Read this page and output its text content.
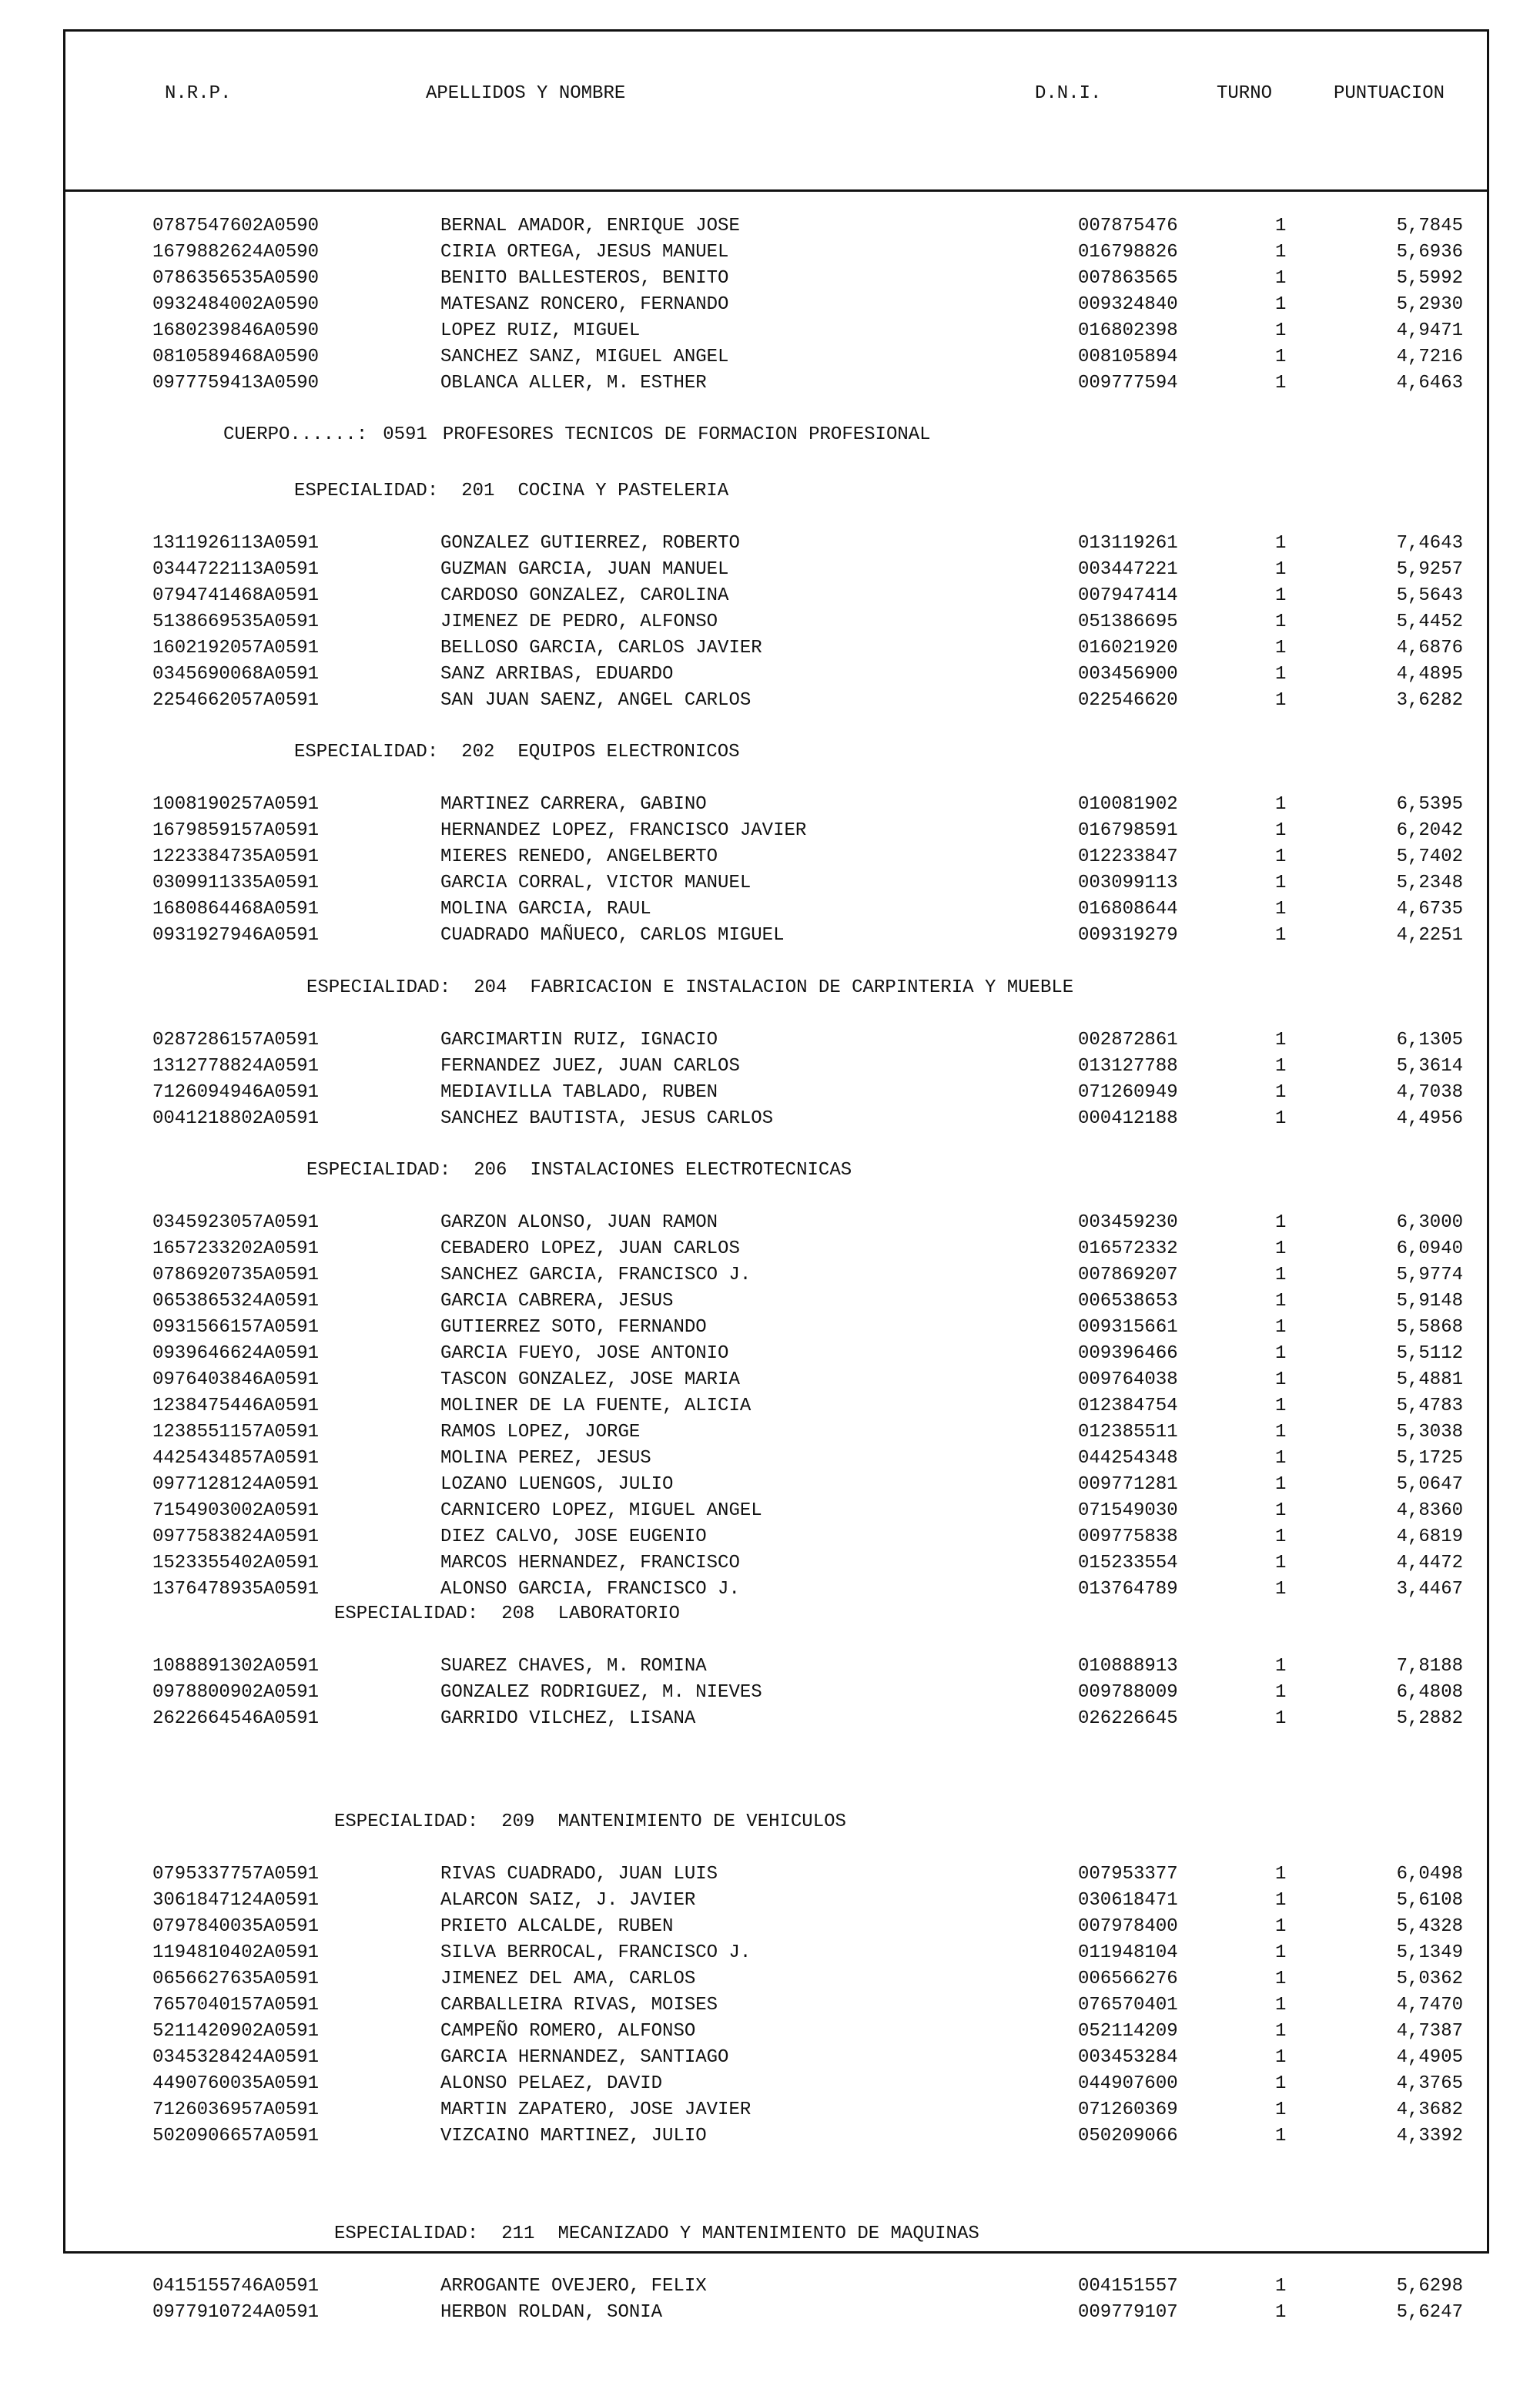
N.R.P.	APELLIDOS Y NOMBRE	D.N.I.	TURNO	PUNTUACION
0787547602A0590	BERNAL AMADOR, ENRIQUE JOSE	007875476	1	5,7845
1679882624A0590	CIRIA ORTEGA, JESUS MANUEL	016798826	1	5,6936
0786356535A0590	BENITO BALLESTEROS, BENITO	007863565	1	5,5992
0932484002A0590	MATESANZ RONCERO, FERNANDO	009324840	1	5,2930
1680239846A0590	LOPEZ RUIZ, MIGUEL	016802398	1	4,9471
0810589468A0590	SANCHEZ SANZ, MIGUEL ANGEL	008105894	1	4,7216
0977759413A0590	OBLANCA ALLER, M. ESTHER	009777594	1	4,6463
CUERPO......: 0591 PROFESORES TECNICOS DE FORMACION PROFESIONAL
ESPECIALIDAD: 201 COCINA Y PASTELERIA
1311926113A0591	GONZALEZ GUTIERREZ, ROBERTO	013119261	1	7,4643
0344722113A0591	GUZMAN GARCIA, JUAN MANUEL	003447221	1	5,9257
0794741468A0591	CARDOSO GONZALEZ, CAROLINA	007947414	1	5,5643
5138669535A0591	JIMENEZ DE PEDRO, ALFONSO	051386695	1	5,4452
1602192057A0591	BELLOSO GARCIA, CARLOS JAVIER	016021920	1	4,6876
0345690068A0591	SANZ ARRIBAS, EDUARDO	003456900	1	4,4895
2254662057A0591	SAN JUAN SAENZ, ANGEL CARLOS	022546620	1	3,6282
ESPECIALIDAD: 202 EQUIPOS ELECTRONICOS
1008190257A0591	MARTINEZ CARRERA, GABINO	010081902	1	6,5395
1679859157A0591	HERNANDEZ LOPEZ, FRANCISCO JAVIER	016798591	1	6,2042
1223384735A0591	MIERES RENEDO, ANGELBERTO	012233847	1	5,7402
0309911335A0591	GARCIA CORRAL, VICTOR MANUEL	003099113	1	5,2348
1680864468A0591	MOLINA GARCIA, RAUL	016808644	1	4,6735
0931927946A0591	CUADRADO MAÑUECO, CARLOS MIGUEL	009319279	1	4,2251
ESPECIALIDAD: 204 FABRICACION E INSTALACION DE CARPINTERIA Y MUEBLE
0287286157A0591	GARCIMARTIN RUIZ, IGNACIO	002872861	1	6,1305
1312778824A0591	FERNANDEZ JUEZ, JUAN CARLOS	013127788	1	5,3614
7126094946A0591	MEDIAVILLA TABLADO, RUBEN	071260949	1	4,7038
0041218802A0591	SANCHEZ BAUTISTA, JESUS CARLOS	000412188	1	4,4956
ESPECIALIDAD: 206 INSTALACIONES ELECTROTECNICAS
0345923057A0591	GARZON ALONSO, JUAN RAMON	003459230	1	6,3000
1657233202A0591	CEBADERO LOPEZ, JUAN CARLOS	016572332	1	6,0940
0786920735A0591	SANCHEZ GARCIA, FRANCISCO J.	007869207	1	5,9774
0653865324A0591	GARCIA CABRERA, JESUS	006538653	1	5,9148
0931566157A0591	GUTIERREZ SOTO, FERNANDO	009315661	1	5,5868
0939646624A0591	GARCIA FUEYO, JOSE ANTONIO	009396466	1	5,5112
0976403846A0591	TASCON GONZALEZ, JOSE MARIA	009764038	1	5,4881
1238475446A0591	MOLINER DE LA FUENTE, ALICIA	012384754	1	5,4783
1238551157A0591	RAMOS LOPEZ, JORGE	012385511	1	5,3038
4425434857A0591	MOLINA PEREZ, JESUS	044254348	1	5,1725
0977128124A0591	LOZANO LUENGOS, JULIO	009771281	1	5,0647
7154903002A0591	CARNICERO LOPEZ, MIGUEL ANGEL	071549030	1	4,8360
0977583824A0591	DIEZ CALVO, JOSE EUGENIO	009775838	1	4,6819
1523355402A0591	MARCOS HERNANDEZ, FRANCISCO	015233554	1	4,4472
1376478935A0591	ALONSO GARCIA, FRANCISCO J.	013764789	1	3,4467
ESPECIALIDAD: 208 LABORATORIO
1088891302A0591	SUAREZ CHAVES, M. ROMINA	010888913	1	7,8188
0978800902A0591	GONZALEZ RODRIGUEZ, M. NIEVES	009788009	1	6,4808
2622664546A0591	GARRIDO VILCHEZ, LISANA	026226645	1	5,2882
ESPECIALIDAD: 209 MANTENIMIENTO DE VEHICULOS
0795337757A0591	RIVAS CUADRADO, JUAN LUIS	007953377	1	6,0498
3061847124A0591	ALARCON SAIZ, J. JAVIER	030618471	1	5,6108
0797840035A0591	PRIETO ALCALDE, RUBEN	007978400	1	5,4328
1194810402A0591	SILVA BERROCAL, FRANCISCO J.	011948104	1	5,1349
0656627635A0591	JIMENEZ DEL AMA, CARLOS	006566276	1	5,0362
7657040157A0591	CARBALLEIRA RIVAS, MOISES	076570401	1	4,7470
5211420902A0591	CAMPEÑO ROMERO, ALFONSO	052114209	1	4,7387
0345328424A0591	GARCIA HERNANDEZ, SANTIAGO	003453284	1	4,4905
4490760035A0591	ALONSO PELAEZ, DAVID	044907600	1	4,3765
7126036957A0591	MARTIN ZAPATERO, JOSE JAVIER	071260369	1	4,3682
5020906657A0591	VIZCAINO MARTINEZ, JULIO	050209066	1	4,3392
ESPECIALIDAD: 211 MECANIZADO Y MANTENIMIENTO DE MAQUINAS
0415155746A0591	ARROGANTE OVEJERO, FELIX	004151557	1	5,6298
0977910724A0591	HERBON ROLDAN, SONIA	009779107	1	5,6247
